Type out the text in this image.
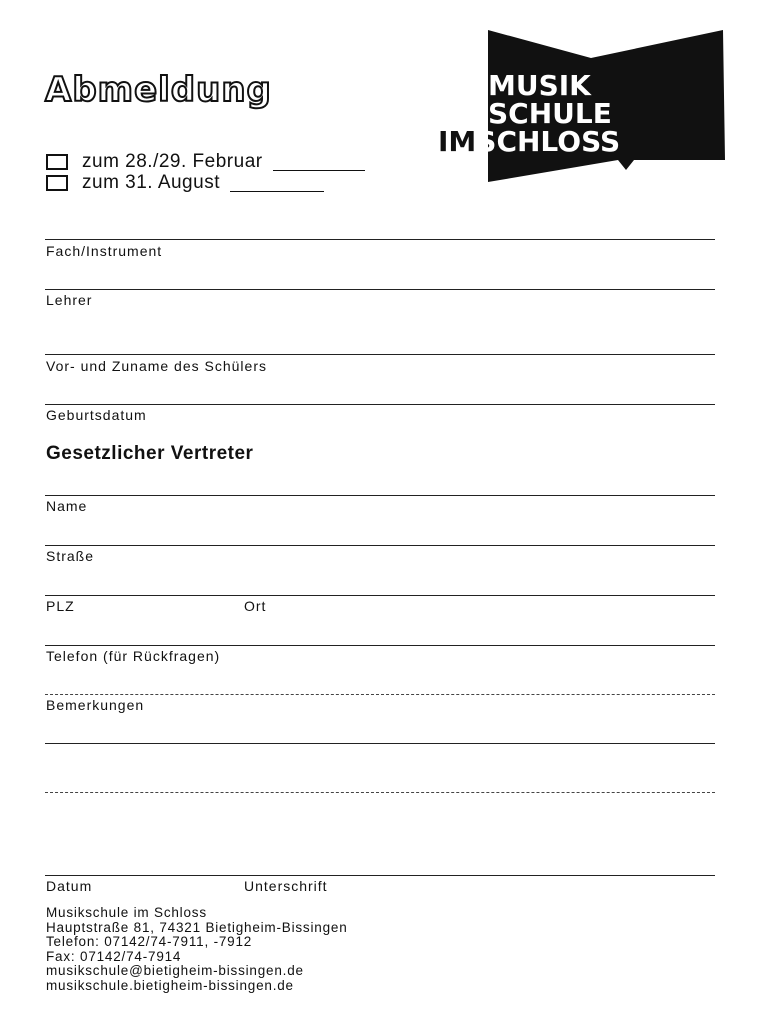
Abmeldung
zum 28./29. Februar
zum 31. August
MUSIK
SCHULE
IMSCHLOSS
Fach/Instrument
Lehrer
Vor- und Zuname des Schülers
Geburtsdatum
Gesetzlicher Vertreter
Name
Straße
PLZ	Ort
Telefon (für Rückfragen)
Bemerkungen
Datum	Unterschrift
Musikschule im Schloss
Hauptstraße 81, 74321 Bietigheim-Bissingen
Telefon: 07142/74-7911, -7912
Fax: 07142/74-7914
musikschule@bietigheim-bissingen.de
musikschule.bietigheim-bissingen.de
